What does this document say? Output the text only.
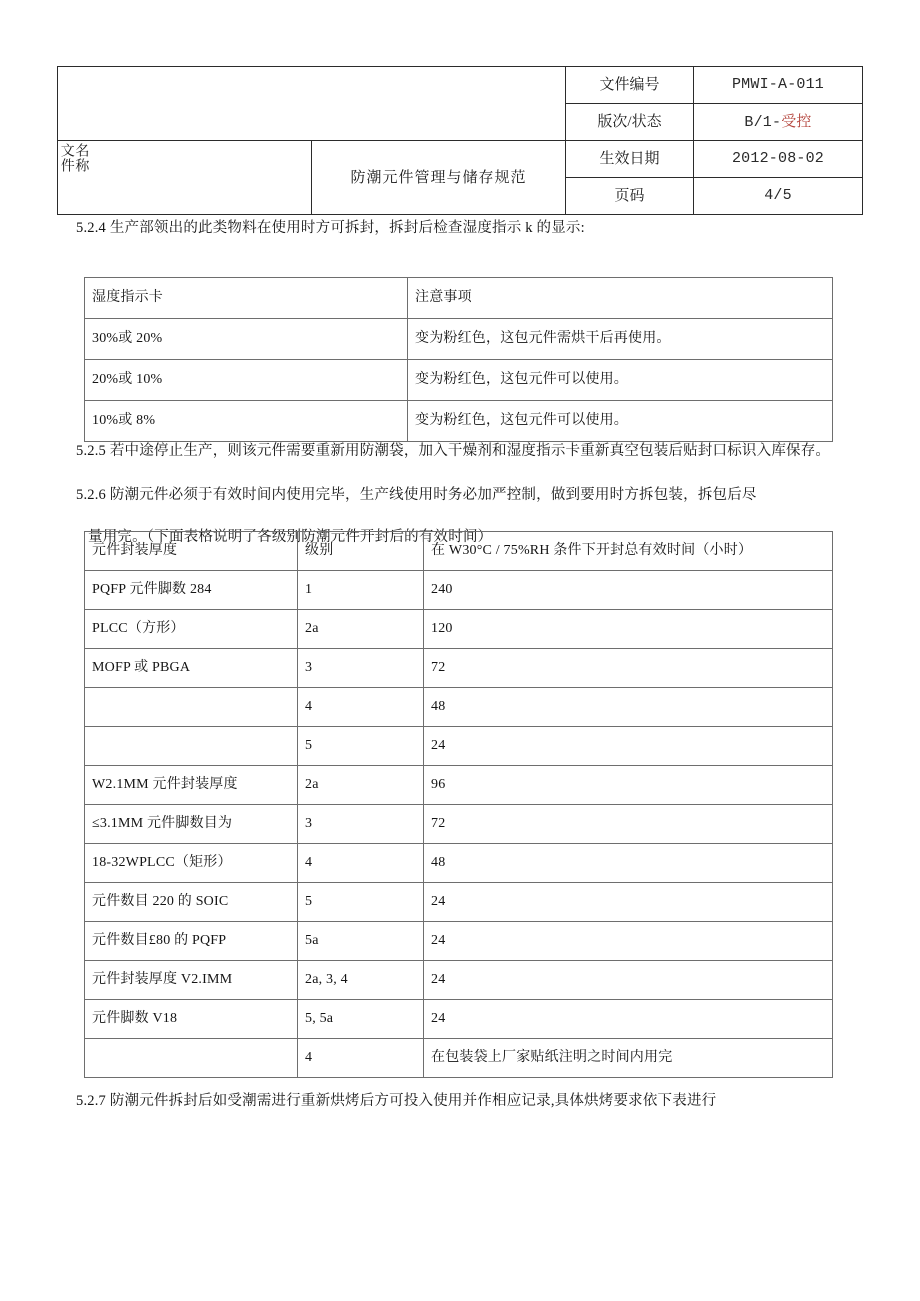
		文件编号	PMWI-A-011
		版次/状态	B/1-受控
文件名称	防潮元件管理与储存规范	生效日期	2012-08-02
		页码	4/5
5.2.4 生产部领出的此类物料在使用时方可拆封，拆封后检查湿度指示 k 的显示:
湿度指示卡	注意事项
30%或 20%	变为粉红色，这包元件需烘干后再使用。
20%或 10%	变为粉红色，这包元件可以使用。
10%或 8%	变为粉红色，这包元件可以使用。
5.2.5 若中途停止生产，则该元件需要重新用防潮袋，加入干燥剂和湿度指示卡重新真空包装后贴封口标识入库保存。
5.2.6 防潮元件必须于有效时间内使用完毕，生产线使用时务必加严控制，做到要用时方拆包装，拆包后尽
量用完。（下面表格说明了各级别防潮元件开封后的有效时间）
元件封装厚度	级别	在 W30°C / 75%RH 条件下开封总有效时间（小时）
PQFP 元件脚数 284	1	240
PLCC（方形）	2a	120
MOFP 或 PBGA	3	72
	4	48
	5	24
W2.1MM 元件封装厚度	2a	96
≤3.1MM 元件脚数目为	3	72
18-32WPLCC（矩形）	4	48
元件数目 220 的 SOIC	5	24
元件数目£80 的 PQFP	5a	24
元件封装厚度 V2.IMM	2a, 3, 4	24
元件脚数 V18	5, 5a	24
	4	在包装袋上厂家贴纸注明之时间内用完
5.2.7 防潮元件拆封后如受潮需进行重新烘烤后方可投入使用并作相应记录,具体烘烤要求依下表进行
